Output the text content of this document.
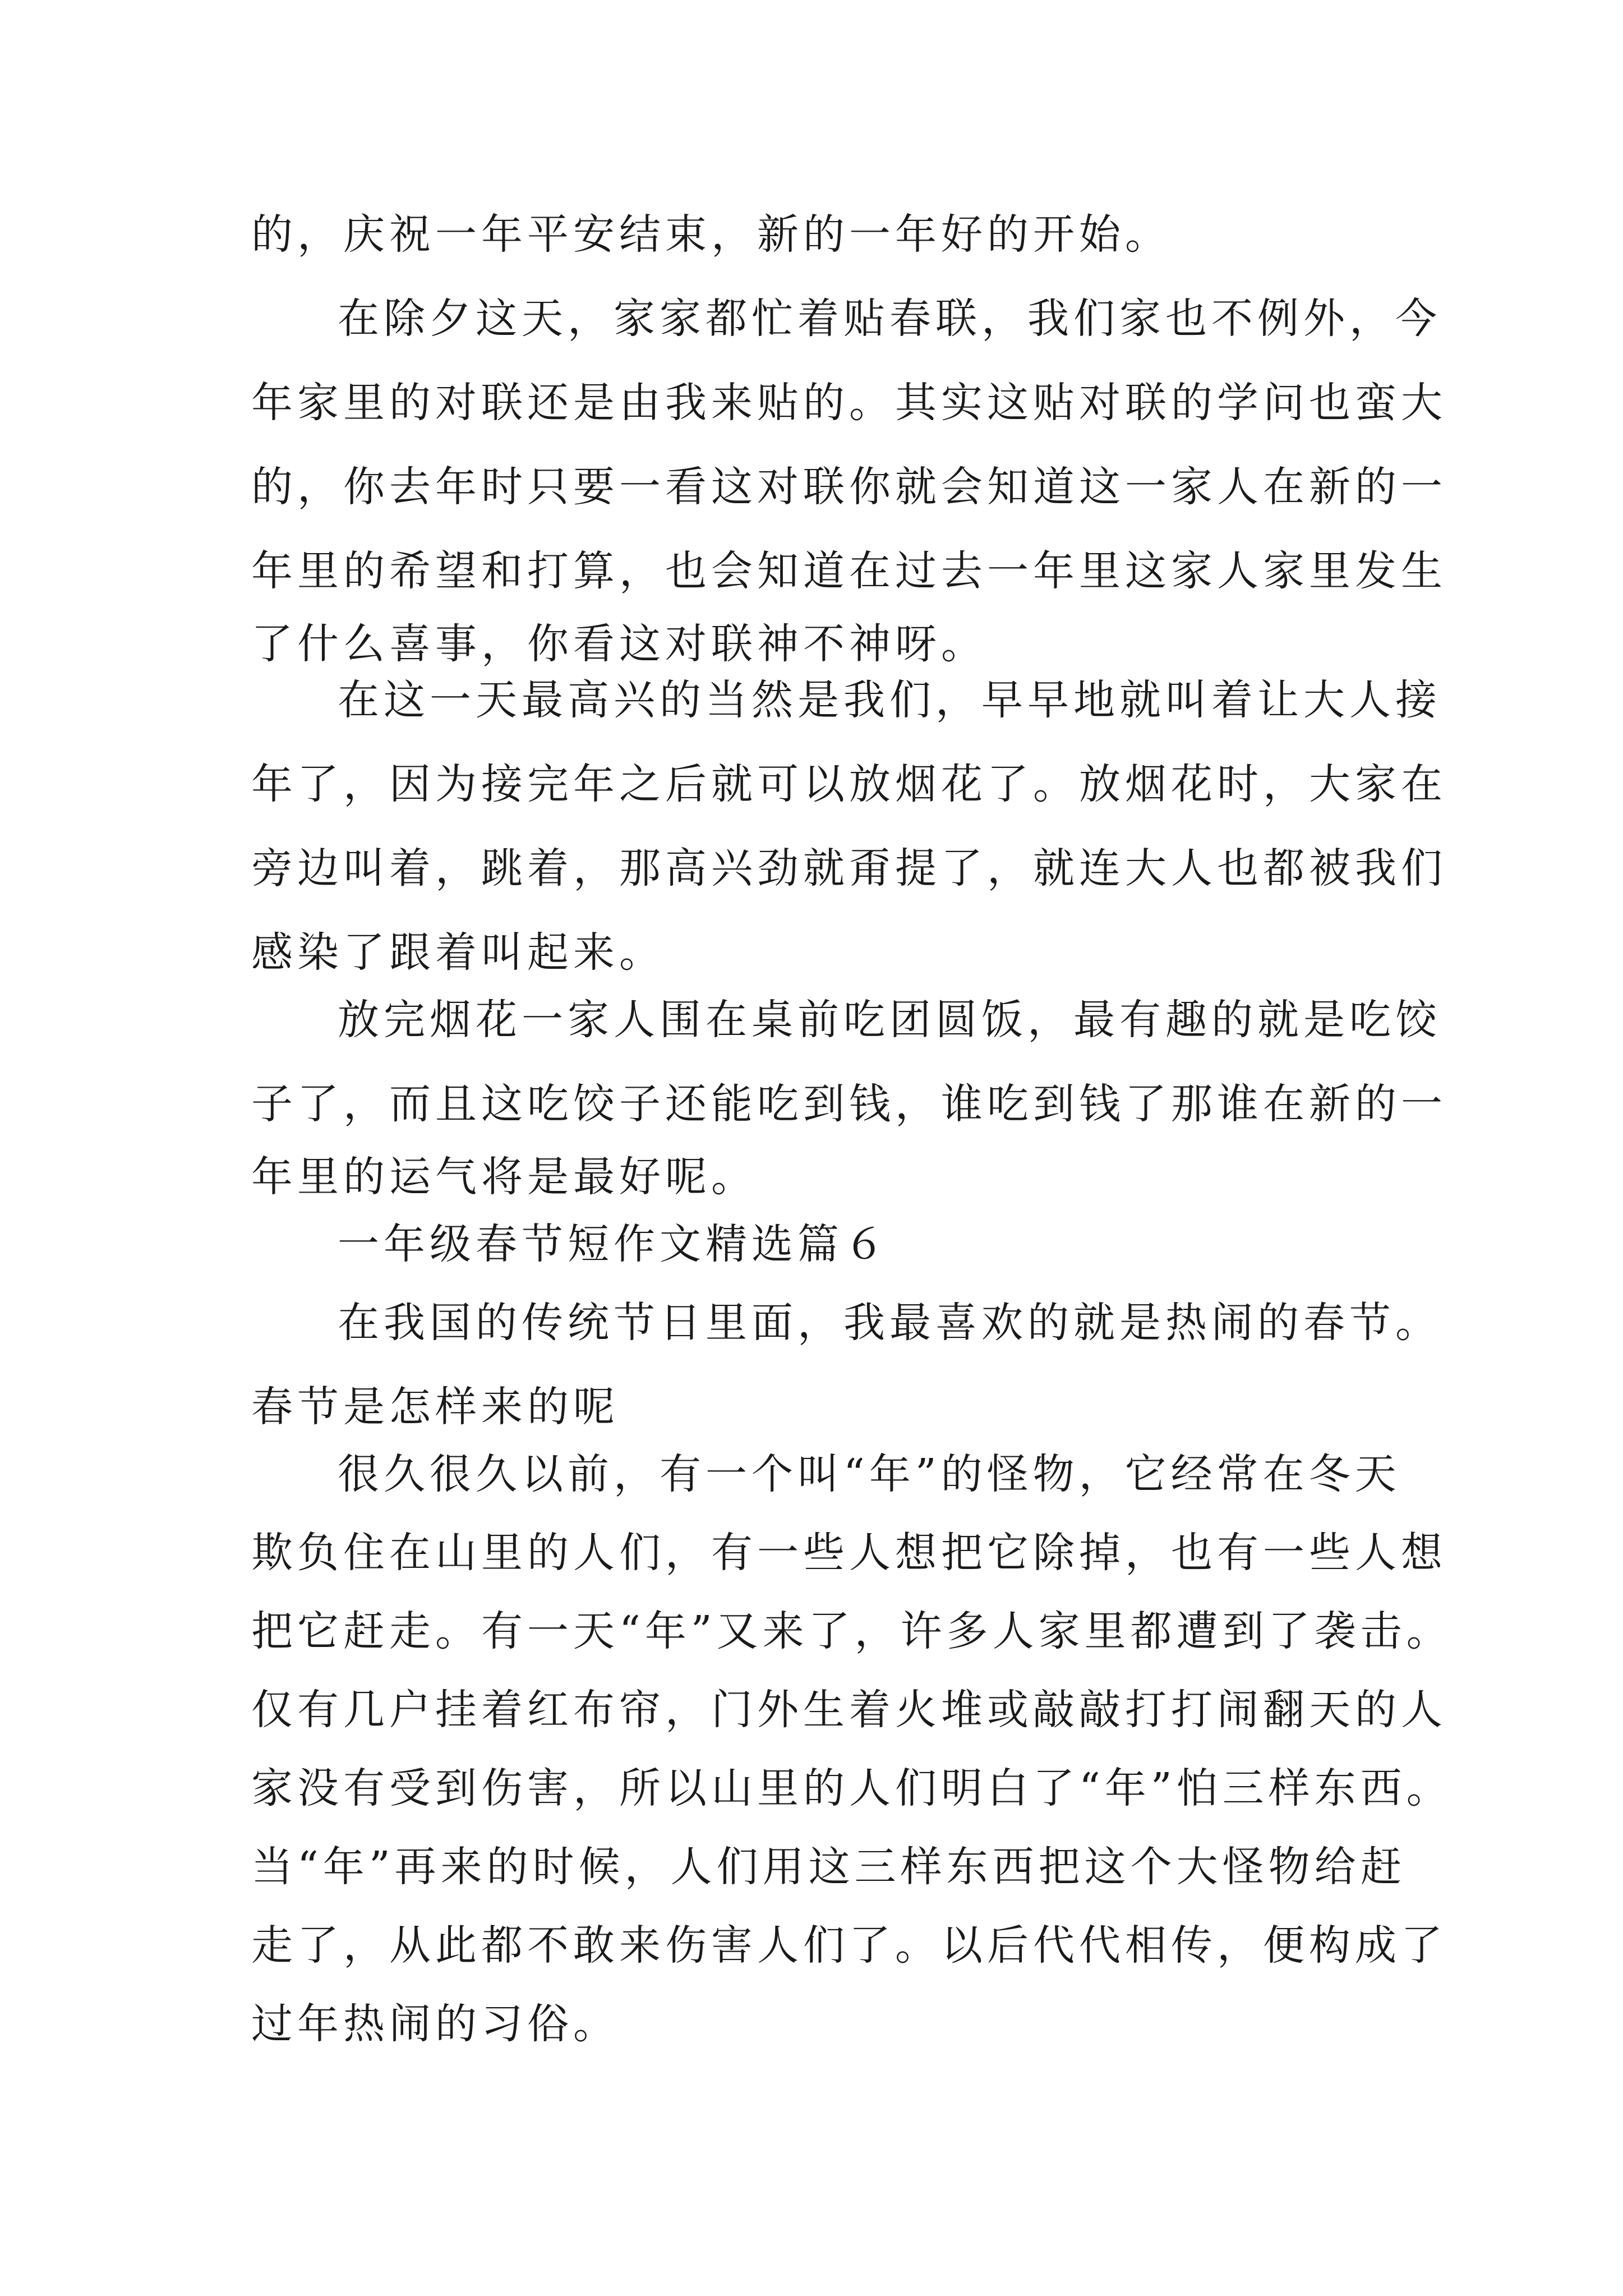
的，庆祝一年平安结束，新的一年好的开始。
在除夕这天，家家都忙着贴春联，我们家也不例外，今
年家里的对联还是由我来贴的。其实这贴对联的学问也蛮大
的，你去年时只要一看这对联你就会知道这一家人在新的一
年里的希望和打算，也会知道在过去一年里这家人家里发生
了什么喜事，你看这对联神不神呀。
在这一天最高兴的当然是我们，早早地就叫着让大人接
年了，因为接完年之后就可以放烟花了。放烟花时，大家在
旁边叫着，跳着，那高兴劲就甭提了，就连大人也都被我们
感染了跟着叫起来。
放完烟花一家人围在桌前吃团圆饭，最有趣的就是吃饺
子了，而且这吃饺子还能吃到钱，谁吃到钱了那谁在新的一
年里的运气将是最好呢。
一年级春节短作文精选篇６
在我国的传统节日里面，我最喜欢的就是热闹的春节。
春节是怎样来的呢
很久很久以前，有一个叫“年”的怪物，它经常在冬天
欺负住在山里的人们，有一些人想把它除掉，也有一些人想
把它赶走。有一天“年”又来了，许多人家里都遭到了袭击。
仅有几户挂着红布帘，门外生着火堆或敲敲打打闹翻天的人
家没有受到伤害，所以山里的人们明白了“年”怕三样东西。
当“年”再来的时候，人们用这三样东西把这个大怪物给赶
走了，从此都不敢来伤害人们了。以后代代相传，便构成了
过年热闹的习俗。
